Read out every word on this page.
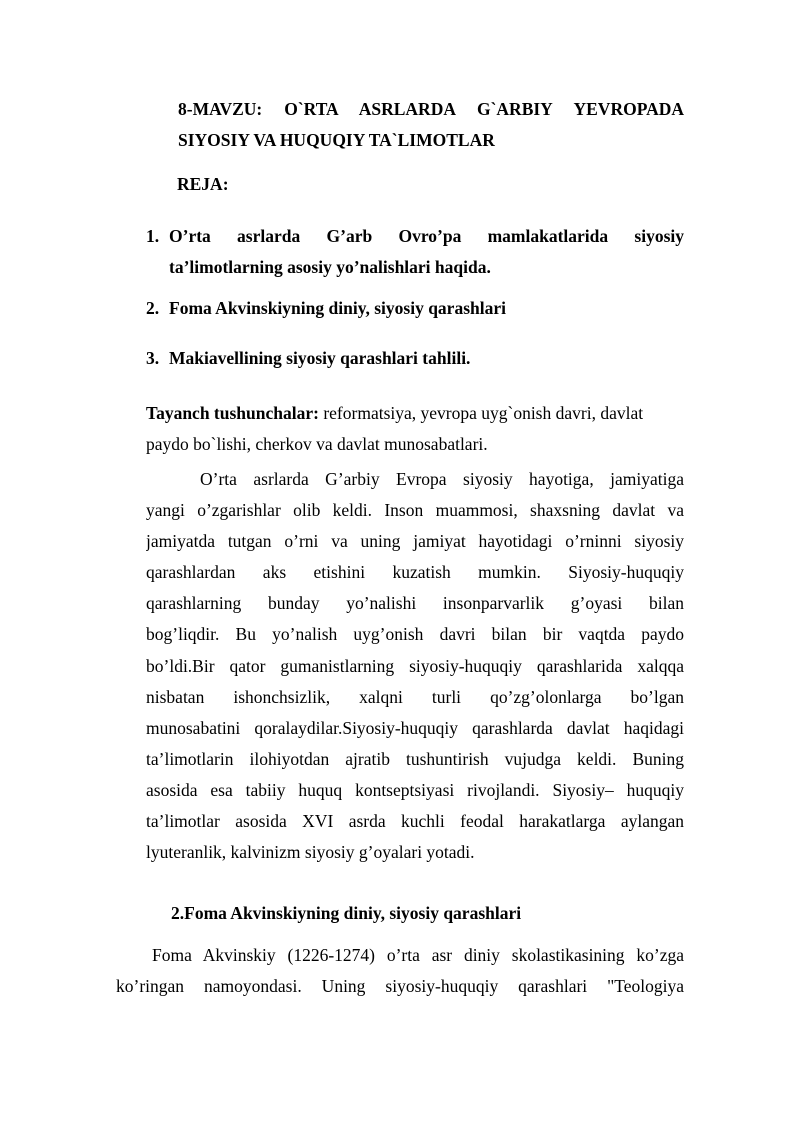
8-MAVZU: O`RTA ASRLARDA G`ARBIY YEVROPADA
SIYOSIY VA HUQUQIY TA`LIMOTLAR
REJA:
1. O’rta asrlarda G’arb Ovro’pa mamlakatlarida siyosiy
ta’limotlarning asosiy yo’nalishlari haqida.
2. Foma Akvinskiyning diniy, siyosiy qarashlari
3. Makiavellining siyosiy qarashlari tahlili.
Tayanch tushunchalar: reformatsiya, yevropa uyg`onish davri, davlat
paydo bo`lishi, cherkov va davlat munosabatlari.
O’rta asrlarda G’arbiy Evropa siyosiy hayotiga, jamiyatiga
yangi o’zgarishlar olib keldi. Inson muammosi, shaxsning davlat va
jamiyatda tutgan o’rni va uning jamiyat hayotidagi o’rninni siyosiy
qarashlardan aks etishini kuzatish mumkin. Siyosiy-huquqiy
qarashlarning bunday yo’nalishi insonparvarlik g’oyasi bilan
bog’liqdir. Bu yo’nalish uyg’onish davri bilan bir vaqtda paydo
bo’ldi.Bir qator gumanistlarning siyosiy-huquqiy qarashlarida xalqqa
nisbatan ishonchsizlik, xalqni turli qo’zg’olonlarga bo’lgan
munosabatini qoralaydilar.Siyosiy-huquqiy qarashlarda davlat haqidagi
ta’limotlarin ilohiyotdan ajratib tushuntirish vujudga keldi. Buning
asosida esa tabiiy huquq kontseptsiyasi rivojlandi. Siyosiy– huquqiy
ta’limotlar asosida XVI asrda kuchli feodal harakatlarga aylangan
lyuteranlik, kalvinizm siyosiy g’oyalari yotadi.
2.Foma Akvinskiyning diniy, siyosiy qarashlari
Foma Akvinskiy (1226-1274) o’rta asr diniy skolastikasining ko’zga
ko’ringan namoyondasi. Uning siyosiy-huquqiy qarashlari "Teologiya
